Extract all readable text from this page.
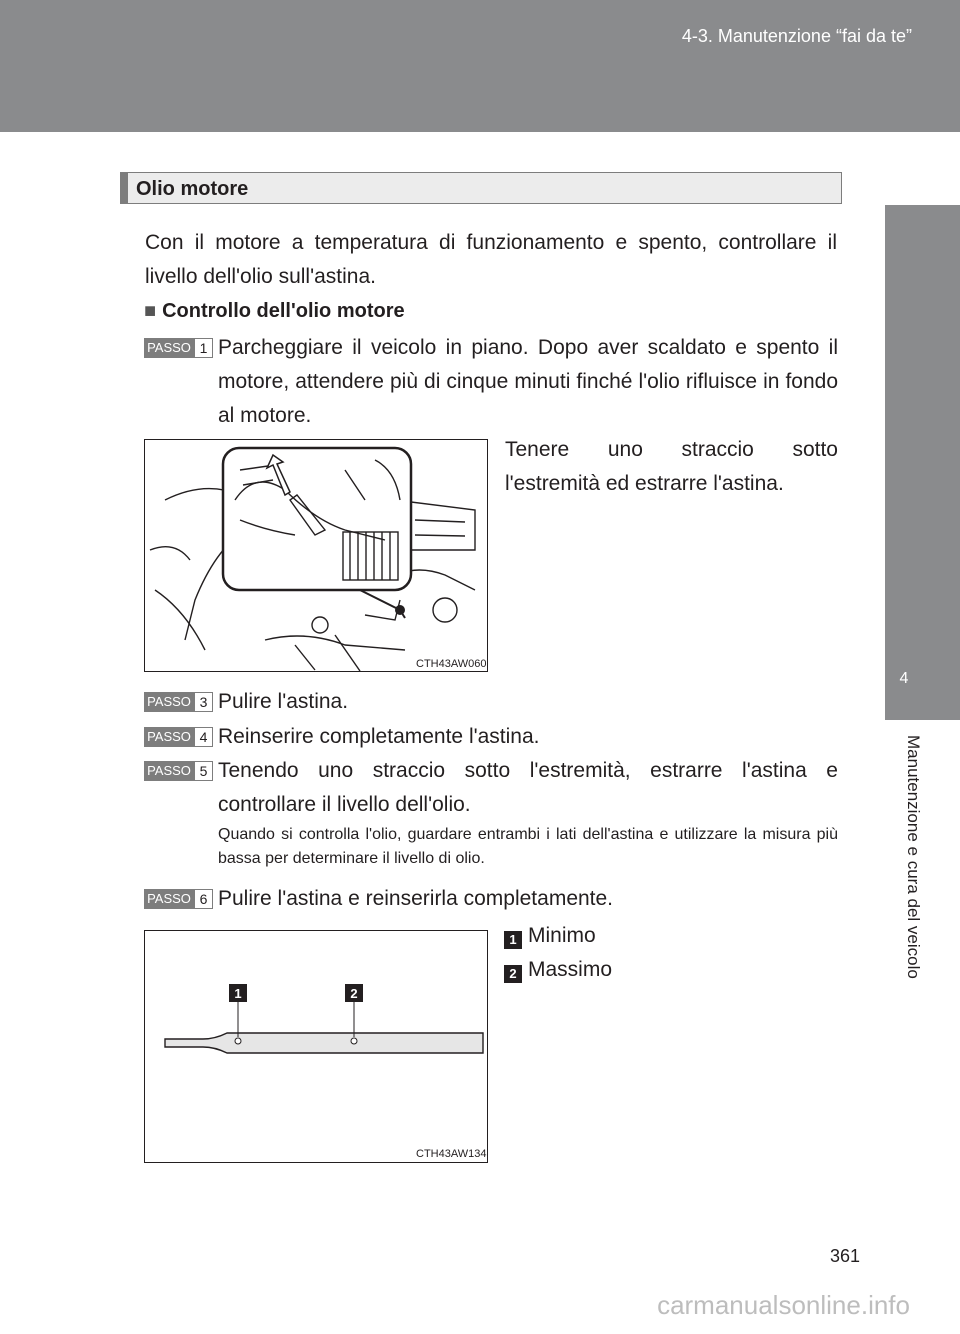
4-3. Manutenzione “fai da te”
4
Manutenzione e cura del veicolo
Olio motore
Con il motore a temperatura di funzionamento e spento, controllare il livello dell'olio sull'astina.
■ Controllo dell'olio motore
PASSO 1 Parcheggiare il veicolo in piano. Dopo aver scaldato e spento il motore, attendere più di cinque minuti finché l'olio rifluisce in fondo al motore.
Tenere uno straccio sotto l'estremità ed estrarre l'astina.
CTH43AW060
PASSO 3 Pulire l'astina.
PASSO 4 Reinserire completamente l'astina.
PASSO 5 Tenendo uno straccio sotto l'estremità, estrarre l'astina e controllare il livello dell'olio.
Quando si controlla l'olio, guardare entrambi i lati dell'astina e utilizzare la misura più bassa per determinare il livello di olio.
PASSO 6 Pulire l'astina e reinserirla completamente.
1	2
CTH43AW134
1 Minimo
2 Massimo
361
carmanualsonline.info
